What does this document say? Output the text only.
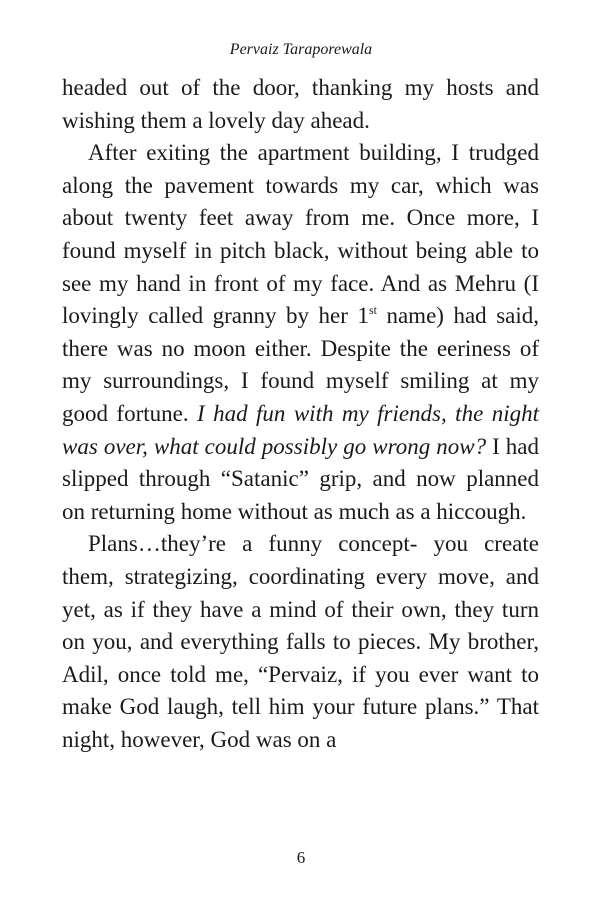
Pervaiz Taraporewala

headed out of the door, thanking my hosts and wishing them a lovely day ahead.

After exiting the apartment building, I trudged along the pavement towards my car, which was about twenty feet away from me. Once more, I found myself in pitch black, without being able to see my hand in front of my face. And as Mehru (I lovingly called granny by her 1st name) had said, there was no moon either. Despite the eeriness of my surroundings, I found myself smiling at my good fortune. I had fun with my friends, the night was over, what could possibly go wrong now? I had slipped through “Satanic” grip, and now planned on returning home without as much as a hiccough.

Plans…they’re a funny concept- you create them, strategizing, coordinating every move, and yet, as if they have a mind of their own, they turn on you, and everything falls to pieces. My brother, Adil, once told me, “Pervaiz, if you ever want to make God laugh, tell him your future plans.” That night, however, God was on a

6
